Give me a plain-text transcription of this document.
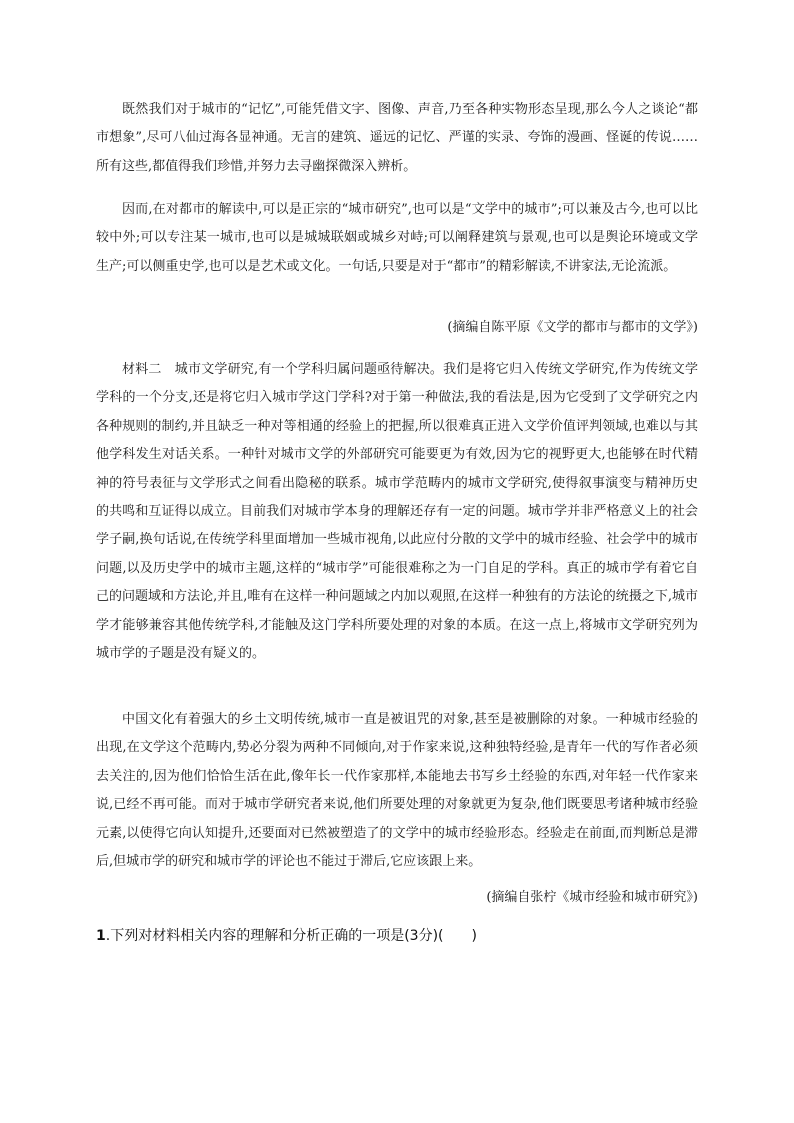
既然我们对于城市的“记忆”,可能凭借文字、图像、声音,乃至各种实物形态呈现,那么今人之谈论“都市想象”,尽可八仙过海各显神通。无言的建筑、遥远的记忆、严谨的实录、夸饰的漫画、怪诞的传说……所有这些,都值得我们珍惜,并努力去寻幽探微深入辨析。

因而,在对都市的解读中,可以是正宗的“城市研究”,也可以是“文学中的城市”;可以兼及古今,也可以比较中外;可以专注某一城市,也可以是城城联姻或城乡对峙;可以阐释建筑与景观,也可以是舆论环境或文学生产;可以侧重史学,也可以是艺术或文化。一句话,只要是对于“都市”的精彩解读,不讲家法,无论流派。

(摘编自陈平原《文学的都市与都市的文学》)

材料二　城市文学研究,有一个学科归属问题亟待解决。我们是将它归入传统文学研究,作为传统文学学科的一个分支,还是将它归入城市学这门学科?对于第一种做法,我的看法是,因为它受到了文学研究之内各种规则的制约,并且缺乏一种对等相通的经验上的把握,所以很难真正进入文学价值评判领域,也难以与其他学科发生对话关系。一种针对城市文学的外部研究可能要更为有效,因为它的视野更大,也能够在时代精神的符号表征与文学形式之间看出隐秘的联系。城市学范畴内的城市文学研究,使得叙事演变与精神历史的共鸣和互证得以成立。目前我们对城市学本身的理解还存有一定的问题。城市学并非严格意义上的社会学子嗣,换句话说,在传统学科里面增加一些城市视角,以此应付分散的文学中的城市经验、社会学中的城市问题,以及历史学中的城市主题,这样的“城市学”可能很难称之为一门自足的学科。真正的城市学有着它自己的问题域和方法论,并且,唯有在这样一种问题域之内加以观照,在这样一种独有的方法论的统摄之下,城市学才能够兼容其他传统学科,才能触及这门学科所要处理的对象的本质。在这一点上,将城市文学研究列为城市学的子题是没有疑义的。

中国文化有着强大的乡土文明传统,城市一直是被诅咒的对象,甚至是被删除的对象。一种城市经验的出现,在文学这个范畴内,势必分裂为两种不同倾向,对于作家来说,这种独特经验,是青年一代的写作者必须去关注的,因为他们恰恰生活在此,像年长一代作家那样,本能地去书写乡土经验的东西,对年轻一代作家来说,已经不再可能。而对于城市学研究者来说,他们所要处理的对象就更为复杂,他们既要思考诸种城市经验元素,以使得它向认知提升,还要面对已然被塑造了的文学中的城市经验形态。经验走在前面,而判断总是滞后,但城市学的研究和城市学的评论也不能过于滞后,它应该跟上来。

(摘编自张柠《城市经验和城市研究》)

1.下列对材料相关内容的理解和分析正确的一项是(3分)(　　)
